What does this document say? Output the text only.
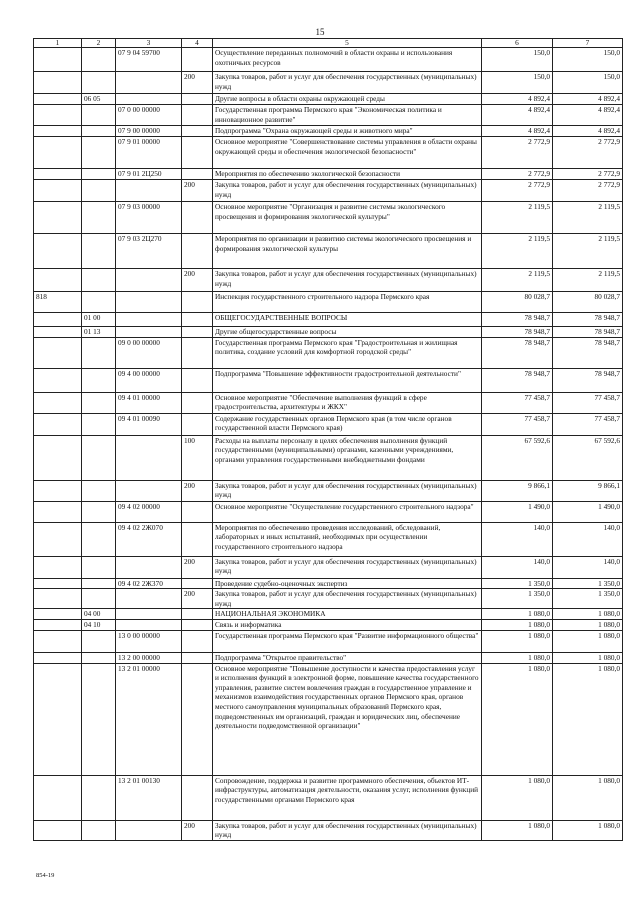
15
1	2	3	4	5	6	7
		07 9 04 59700		Осуществление переданных полномочий в области охраны и использования охотничьих ресурсов	150,0	150,0
			200	Закупка товаров, работ и услуг для обеспечения государственных (муниципальных) нужд	150,0	150,0
	06 05			Другие вопросы в области охраны окружающей среды	4 892,4	4 892,4
		07 0 00 00000		Государственная программа Пермского края "Экономическая политика и инновационное развитие"	4 892,4	4 892,4
		07 9 00 00000		Подпрограмма "Охрана окружающей среды и животного мира"	4 892,4	4 892,4
		07 9 01 00000		Основное мероприятие "Совершенствование системы управления в области охраны окружающей среды и обеспечения экологической безопасности"	2 772,9	2 772,9
		07 9 01 2Ц250		Мероприятия по обеспечению экологической безопасности	2 772,9	2 772,9
			200	Закупка товаров, работ и услуг для обеспечения государственных (муниципальных) нужд	2 772,9	2 772,9
		07 9 03 00000		Основное мероприятие "Организация и развитие системы экологического просвещения и формирования экологической культуры"	2 119,5	2 119,5
		07 9 03 2Ц270		Мероприятия по организации и развитию системы экологического просвещения и формирования экологической культуры	2 119,5	2 119,5
			200	Закупка товаров, работ и услуг для обеспечения государственных (муниципальных) нужд	2 119,5	2 119,5
818				Инспекция государственного строительного надзора Пермского края	80 028,7	80 028,7
	01 00			ОБЩЕГОСУДАРСТВЕННЫЕ ВОПРОСЫ	78 948,7	78 948,7
	01 13			Другие общегосударственные вопросы	78 948,7	78 948,7
		09 0 00 00000		Государственная программа Пермского края "Градостроительная и жилищная политика, создание условий для комфортной городской среды"	78 948,7	78 948,7
		09 4 00 00000		Подпрограмма "Повышение эффективности градостроительной деятельности"	78 948,7	78 948,7
		09 4 01 00000		Основное мероприятие "Обеспечение выполнения функций в сфере градостроительства, архитектуры и ЖКХ"	77 458,7	77 458,7
		09 4 01 00090		Содержание государственных органов Пермского края (в том числе органов государственной власти Пермского края)	77 458,7	77 458,7
			100	Расходы на выплаты персоналу в целях обеспечения выполнения функций государственными (муниципальными) органами, казенными учреждениями, органами управления государственными внебюджетными фондами	67 592,6	67 592,6
			200	Закупка товаров, работ и услуг для обеспечения государственных (муниципальных) нужд	9 866,1	9 866,1
		09 4 02 00000		Основное мероприятие "Осуществление государственного строительного надзора"	1 490,0	1 490,0
		09 4 02 2Ж070		Мероприятия по обеспечению проведения исследований, обследований, лабораторных и иных испытаний, необходимых при осуществлении государственного строительного надзора	140,0	140,0
			200	Закупка товаров, работ и услуг для обеспечения государственных (муниципальных) нужд	140,0	140,0
		09 4 02 2Ж370		Проведение судебно-оценочных экспертиз	1 350,0	1 350,0
			200	Закупка товаров, работ и услуг для обеспечения государственных (муниципальных) нужд	1 350,0	1 350,0
	04 00			НАЦИОНАЛЬНАЯ ЭКОНОМИКА	1 080,0	1 080,0
	04 10			Связь и информатика	1 080,0	1 080,0
		13 0 00 00000		Государственная программа Пермского края "Развитие информационного общества"	1 080,0	1 080,0
		13 2 00 00000		Подпрограмма "Открытое правительство"	1 080,0	1 080,0
		13 2 01 00000		Основное мероприятие "Повышение доступности и качества предоставления услуг и исполнения функций в электронной форме, повышение качества государственного управления, развитие систем вовлечения граждан в государственное управление и механизмов взаимодействия государственных органов Пермского края, органов местного самоуправления муниципальных образований Пермского края, подведомственных им организаций, граждан и юридических лиц, обеспечение деятельности подведомственной организации"	1 080,0	1 080,0
		13 2 01 00130		Сопровождение, поддержка и развитие программного обеспечения, объектов ИТ-инфраструктуры, автоматизация деятельности, оказания услуг, исполнения функций государственными органами Пермского края	1 080,0	1 080,0
			200	Закупка товаров, работ и услуг для обеспечения государственных (муниципальных) нужд	1 080,0	1 080,0
854-19
